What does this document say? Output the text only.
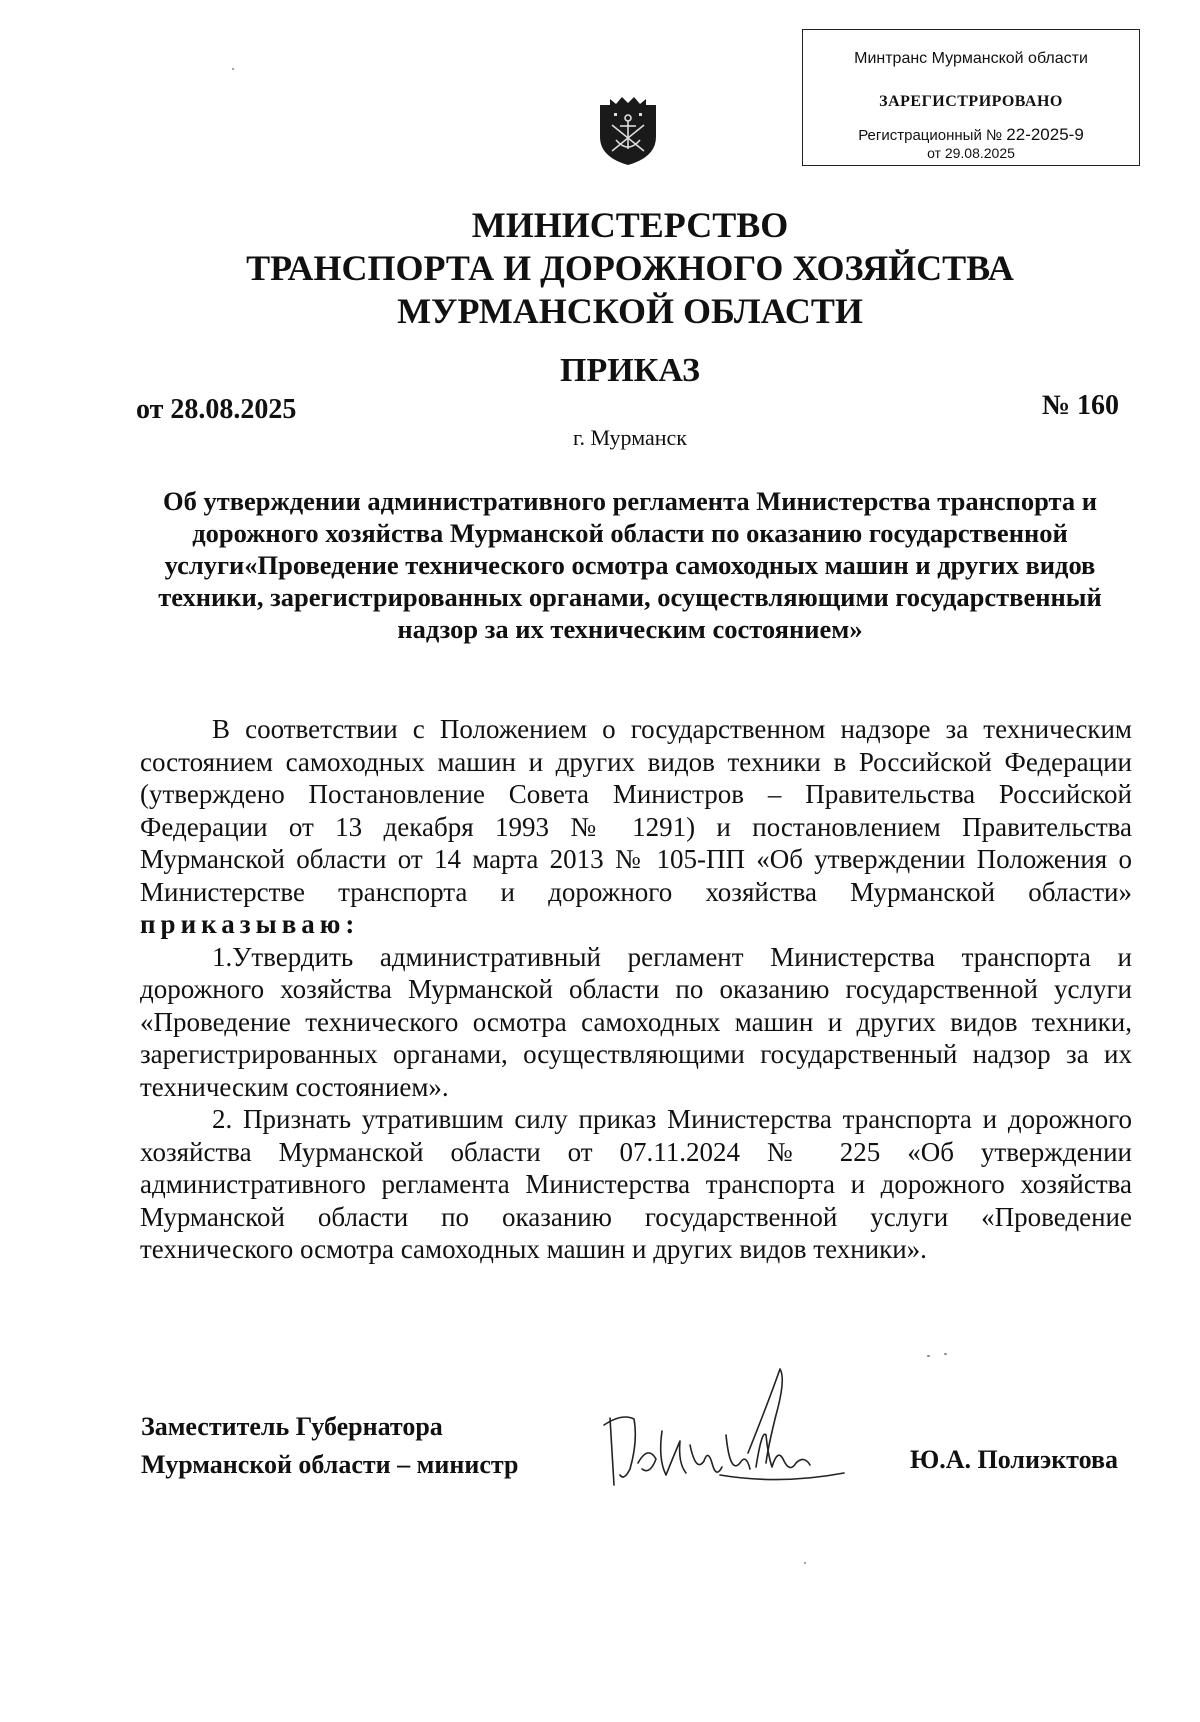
Минтранс Мурманской области
ЗАРЕГИСТРИРОВАНО
Регистрационный № 22-2025-9
от 29.08.2025
МИНИСТЕРСТВО
ТРАНСПОРТА И ДОРОЖНОГО ХОЗЯЙСТВА
МУРМАНСКОЙ ОБЛАСТИ
ПРИКАЗ
от 28.08.2025	№ 160
г. Мурманск
Об утверждении административного регламента Министерства транспорта и дорожного хозяйства Мурманской области по оказанию государственной услуги«Проведение технического осмотра самоходных машин и других видов техники, зарегистрированных органами, осуществляющими государственный надзор за их техническим состоянием»

В соответствии с Положением о государственном надзоре за техническим состоянием самоходных машин и других видов техники в Российской Федерации (утверждено Постановление Совета Министров – Правительства Российской Федерации от 13 декабря 1993 № 1291) и постановлением Правительства Мурманской области от 14 марта 2013 № 105-ПП «Об утверждении Положения о Министерстве транспорта и дорожного хозяйства Мурманской области» приказываю:

1.Утвердить административный регламент Министерства транспорта и дорожного хозяйства Мурманской области по оказанию государственной услуги «Проведение технического осмотра самоходных машин и других видов техники, зарегистрированных органами, осуществляющими государственный надзор за их техническим состоянием».

2. Признать утратившим силу приказ Министерства транспорта и дорожного хозяйства Мурманской области от 07.11.2024 № 225 «Об утверждении административного регламента Министерства транспорта и дорожного хозяйства Мурманской области по оказанию государственной услуги «Проведение технического осмотра самоходных машин и других видов техники».

Заместитель Губернатора
Мурманской области – министр	Ю.А. Полиэктова
